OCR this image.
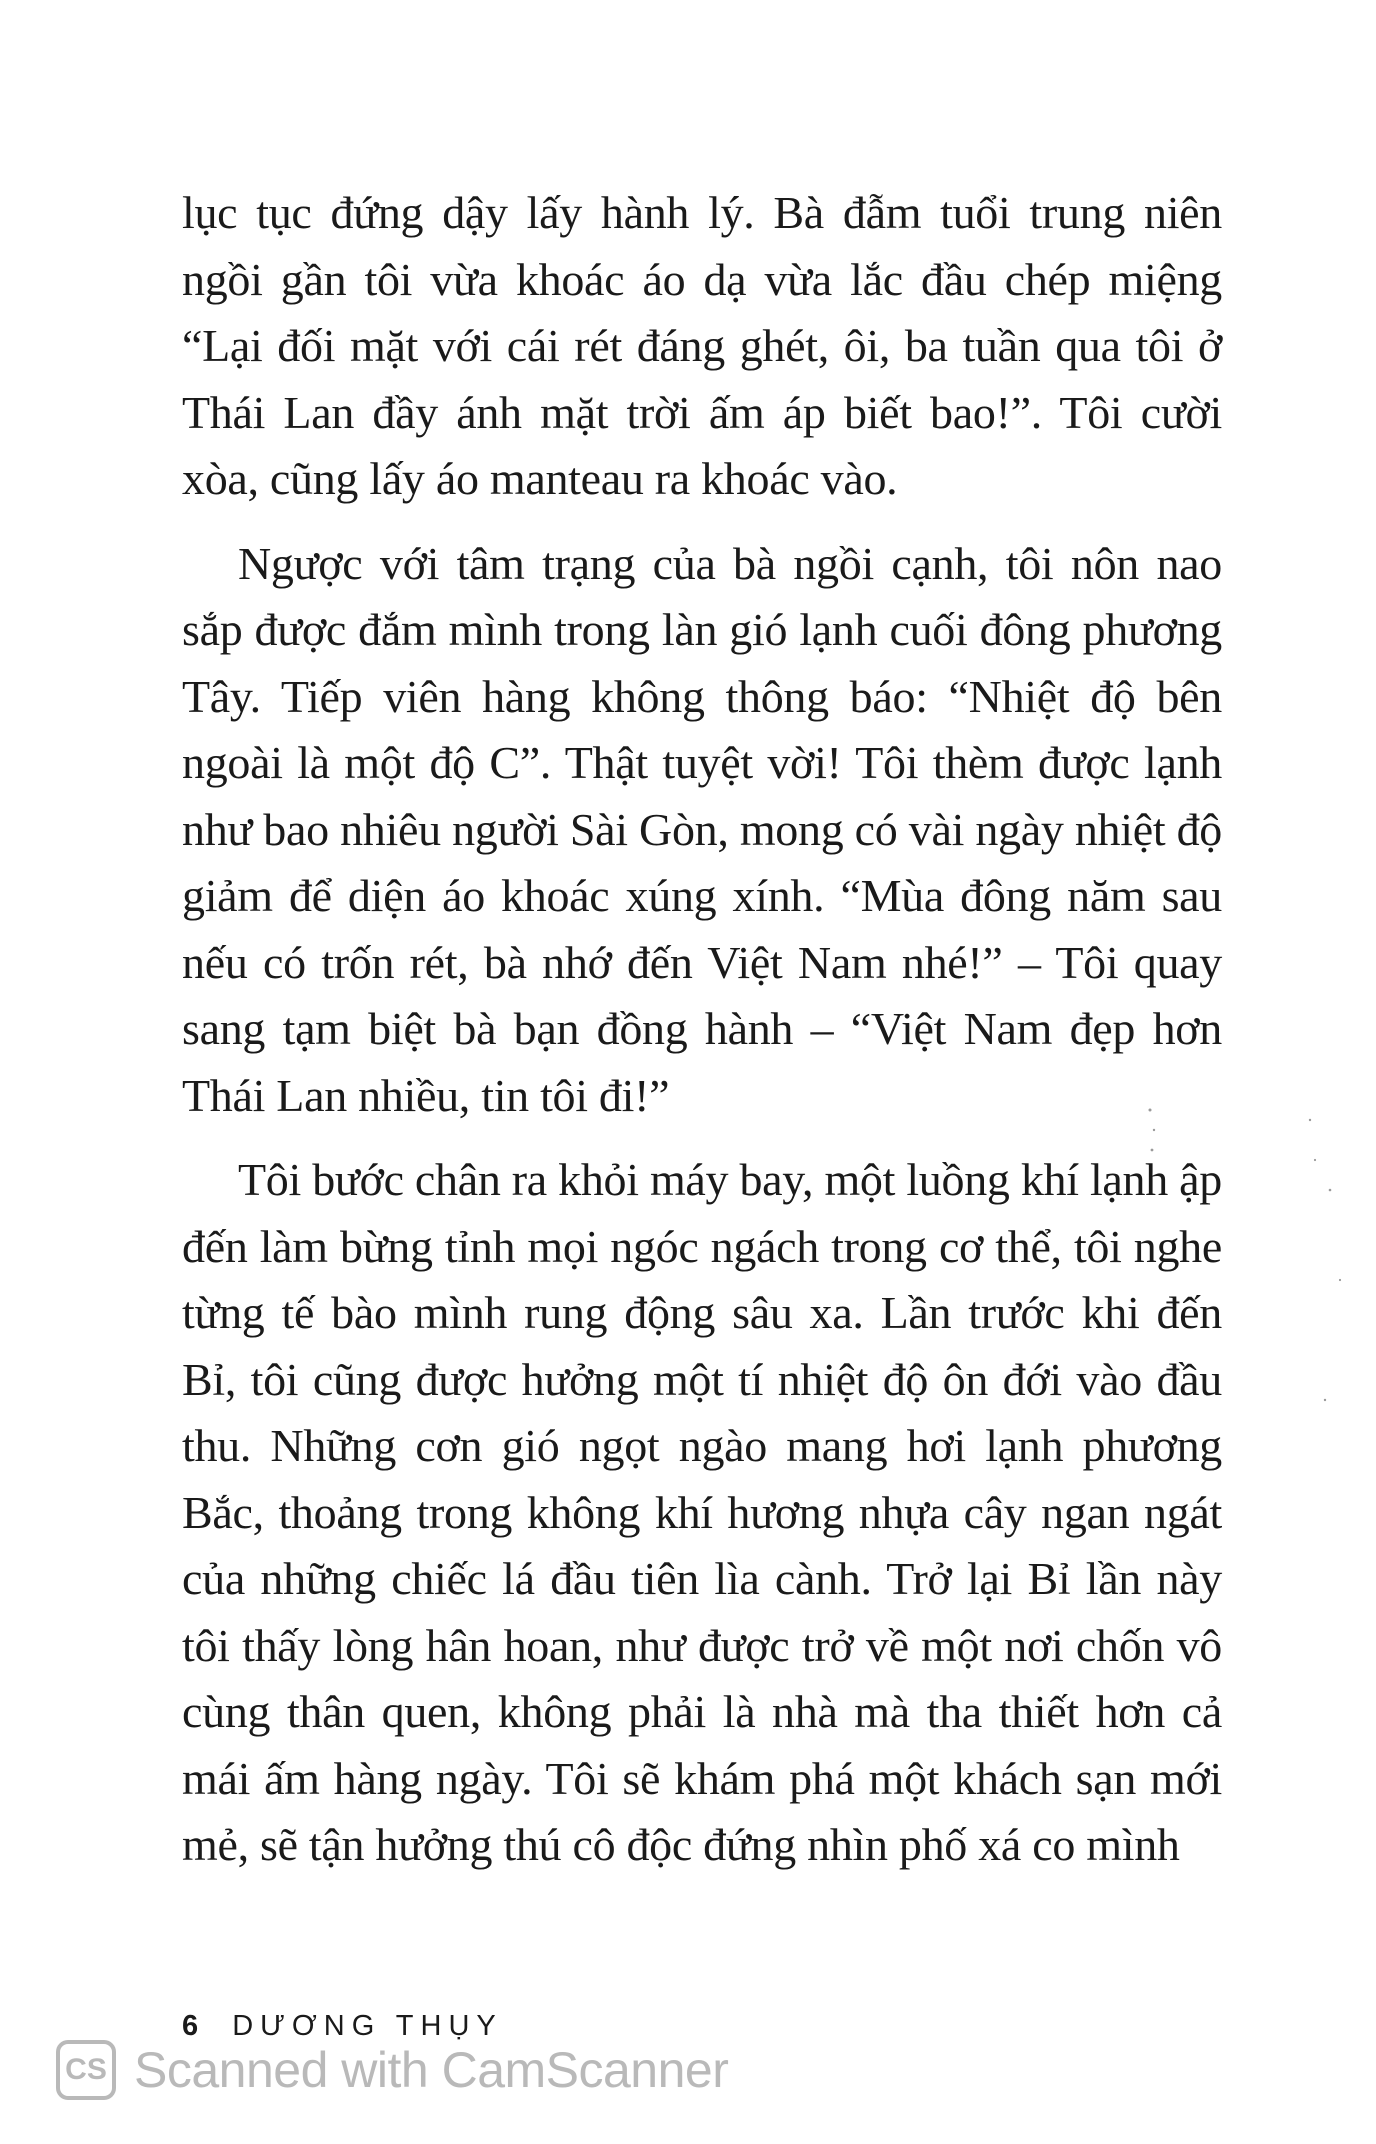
lục tục đứng dậy lấy hành lý. Bà đẫm tuổi trung niên ngồi gần tôi vừa khoác áo dạ vừa lắc đầu chép miệng “Lại đối mặt với cái rét đáng ghét, ôi, ba tuần qua tôi ở Thái Lan đầy ánh mặt trời ấm áp biết bao!”. Tôi cười xòa, cũng lấy áo manteau ra khoác vào.

Ngược với tâm trạng của bà ngồi cạnh, tôi nôn nao sắp được đắm mình trong làn gió lạnh cuối đông phương Tây. Tiếp viên hàng không thông báo: “Nhiệt độ bên ngoài là một độ C”. Thật tuyệt vời! Tôi thèm được lạnh như bao nhiêu người Sài Gòn, mong có vài ngày nhiệt độ giảm để diện áo khoác xúng xính. “Mùa đông năm sau nếu có trốn rét, bà nhớ đến Việt Nam nhé!” – Tôi quay sang tạm biệt bà bạn đồng hành – “Việt Nam đẹp hơn Thái Lan nhiều, tin tôi đi!”

Tôi bước chân ra khỏi máy bay, một luồng khí lạnh ập đến làm bừng tỉnh mọi ngóc ngách trong cơ thể, tôi nghe từng tế bào mình rung động sâu xa. Lần trước khi đến Bỉ, tôi cũng được hưởng một tí nhiệt độ ôn đới vào đầu thu. Những cơn gió ngọt ngào mang hơi lạnh phương Bắc, thoảng trong không khí hương nhựa cây ngan ngát của những chiếc lá đầu tiên lìa cành. Trở lại Bỉ lần này tôi thấy lòng hân hoan, như được trở về một nơi chốn vô cùng thân quen, không phải là nhà mà tha thiết hơn cả mái ấm hàng ngày. Tôi sẽ khám phá một khách sạn mới mẻ, sẽ tận hưởng thú cô độc đứng nhìn phố xá co mình

6 DƯƠNG THỤY
CS Scanned with CamScanner
